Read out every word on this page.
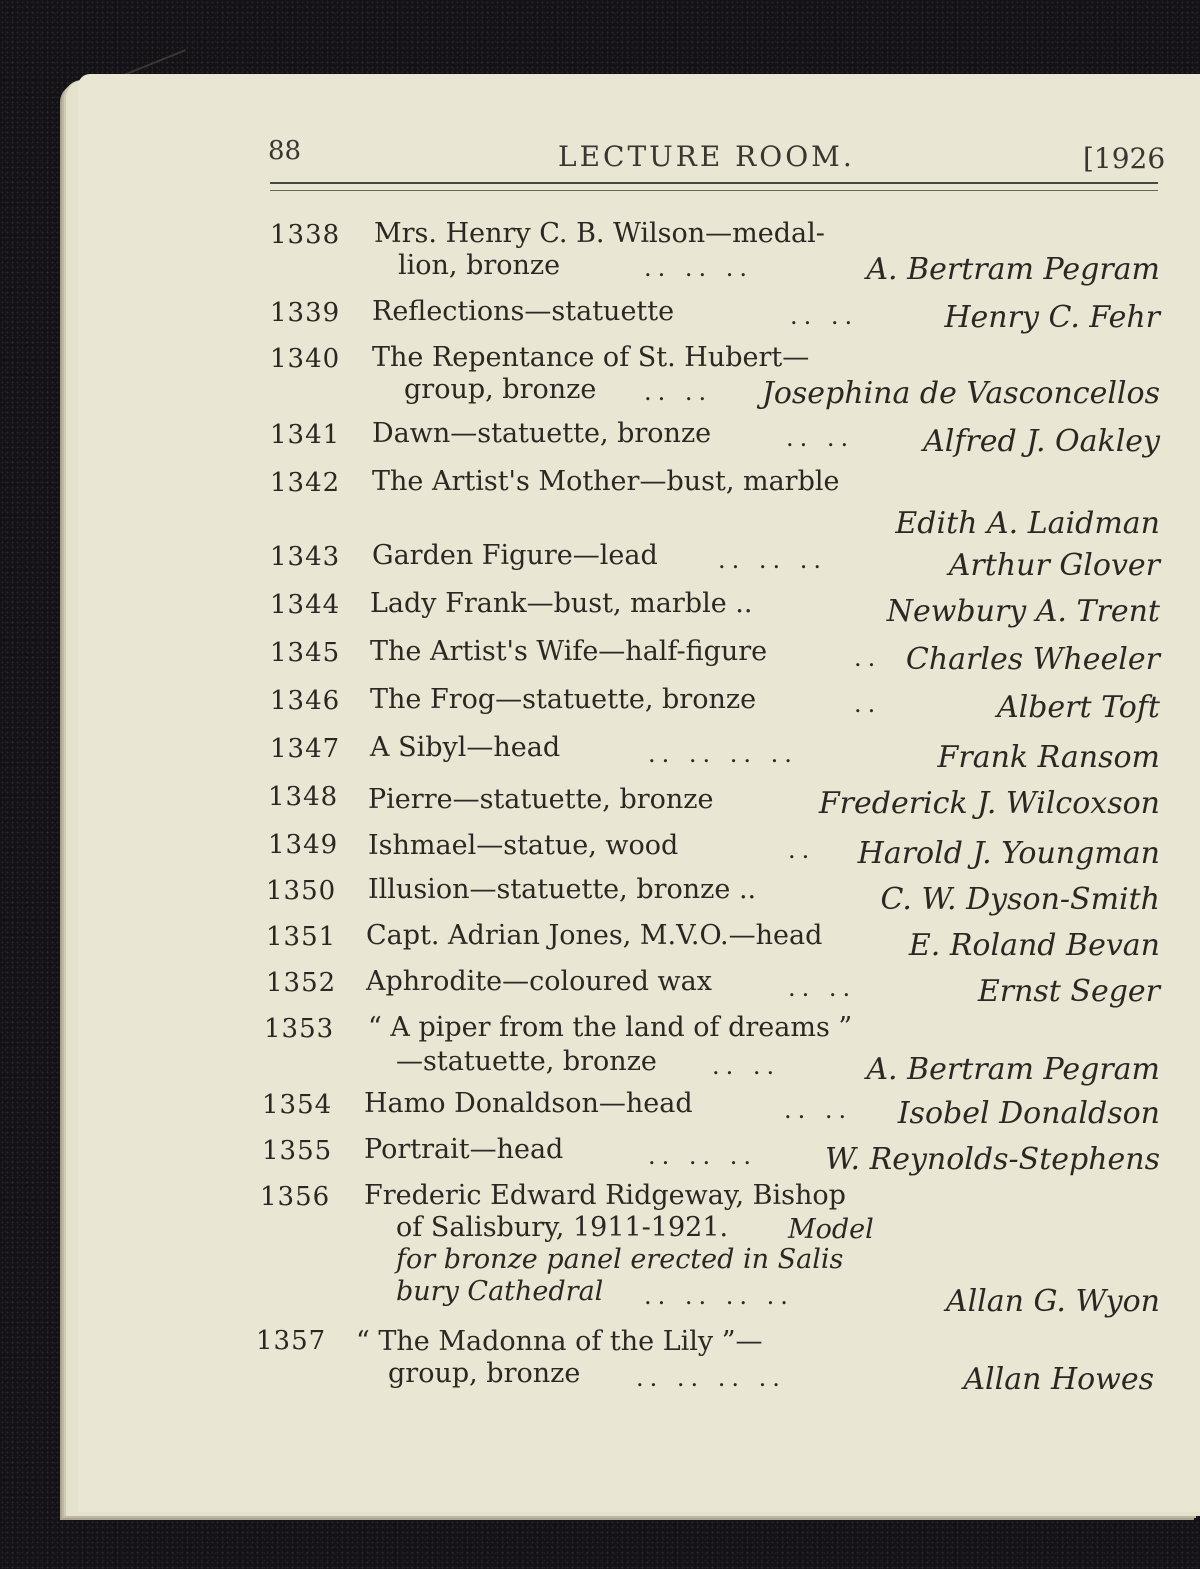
88	LECTURE ROOM.	[1926
1338 Mrs. Henry C. B. Wilson—medal-
lion, bronze	.. .. ..	A. Bertram Pegram
1339 Reflections—statuette	.. ..	Henry C. Fehr
1340 The Repentance of St. Hubert—
group, bronze .. .. Josephina de Vasconcellos
1341 Dawn—statuette, bronze	.. .. Alfred J. Oakley
1342 The Artist's Mother—bust, marble
Edith A. Laidman
1343 Garden Figure—lead	.. .. ..	Arthur Glover
1344 Lady Frank—bust, marble ..	Newbury A. Trent
1345 The Artist's Wife—half-figure	.. Charles Wheeler
1346 The Frog—statuette, bronze	..	Albert Toft
1347 A Sibyl—head	.. .. .. ..	Frank Ransom
1348 Pierre—statuette, bronze	Frederick J. Wilcoxson
1349 Ishmael—statue, wood	.. Harold J. Youngman
1350 Illusion—statuette, bronze ..	C. W. Dyson-Smith
1351 Capt. Adrian Jones, M.V.O.—head	E. Roland Bevan
1352 Aphrodite—coloured wax	.. ..	Ernst Seger
1353 “ A piper from the land of dreams ”
—statuette, bronze .. ..	A. Bertram Pegram
1354 Hamo Donaldson—head	.. .. Isobel Donaldson
1355 Portrait—head	.. .. .. W. Reynolds-Stephens
1356 Frederic Edward Ridgeway, Bishop
of Salisbury, 1911-1921. Model
for bronze panel erected in Salis
bury Cathedral .. .. .. ..	Allan G. Wyon
1357 “ The Madonna of the Lily ”—
group, bronze .. .. .. ..	Allan Howes
